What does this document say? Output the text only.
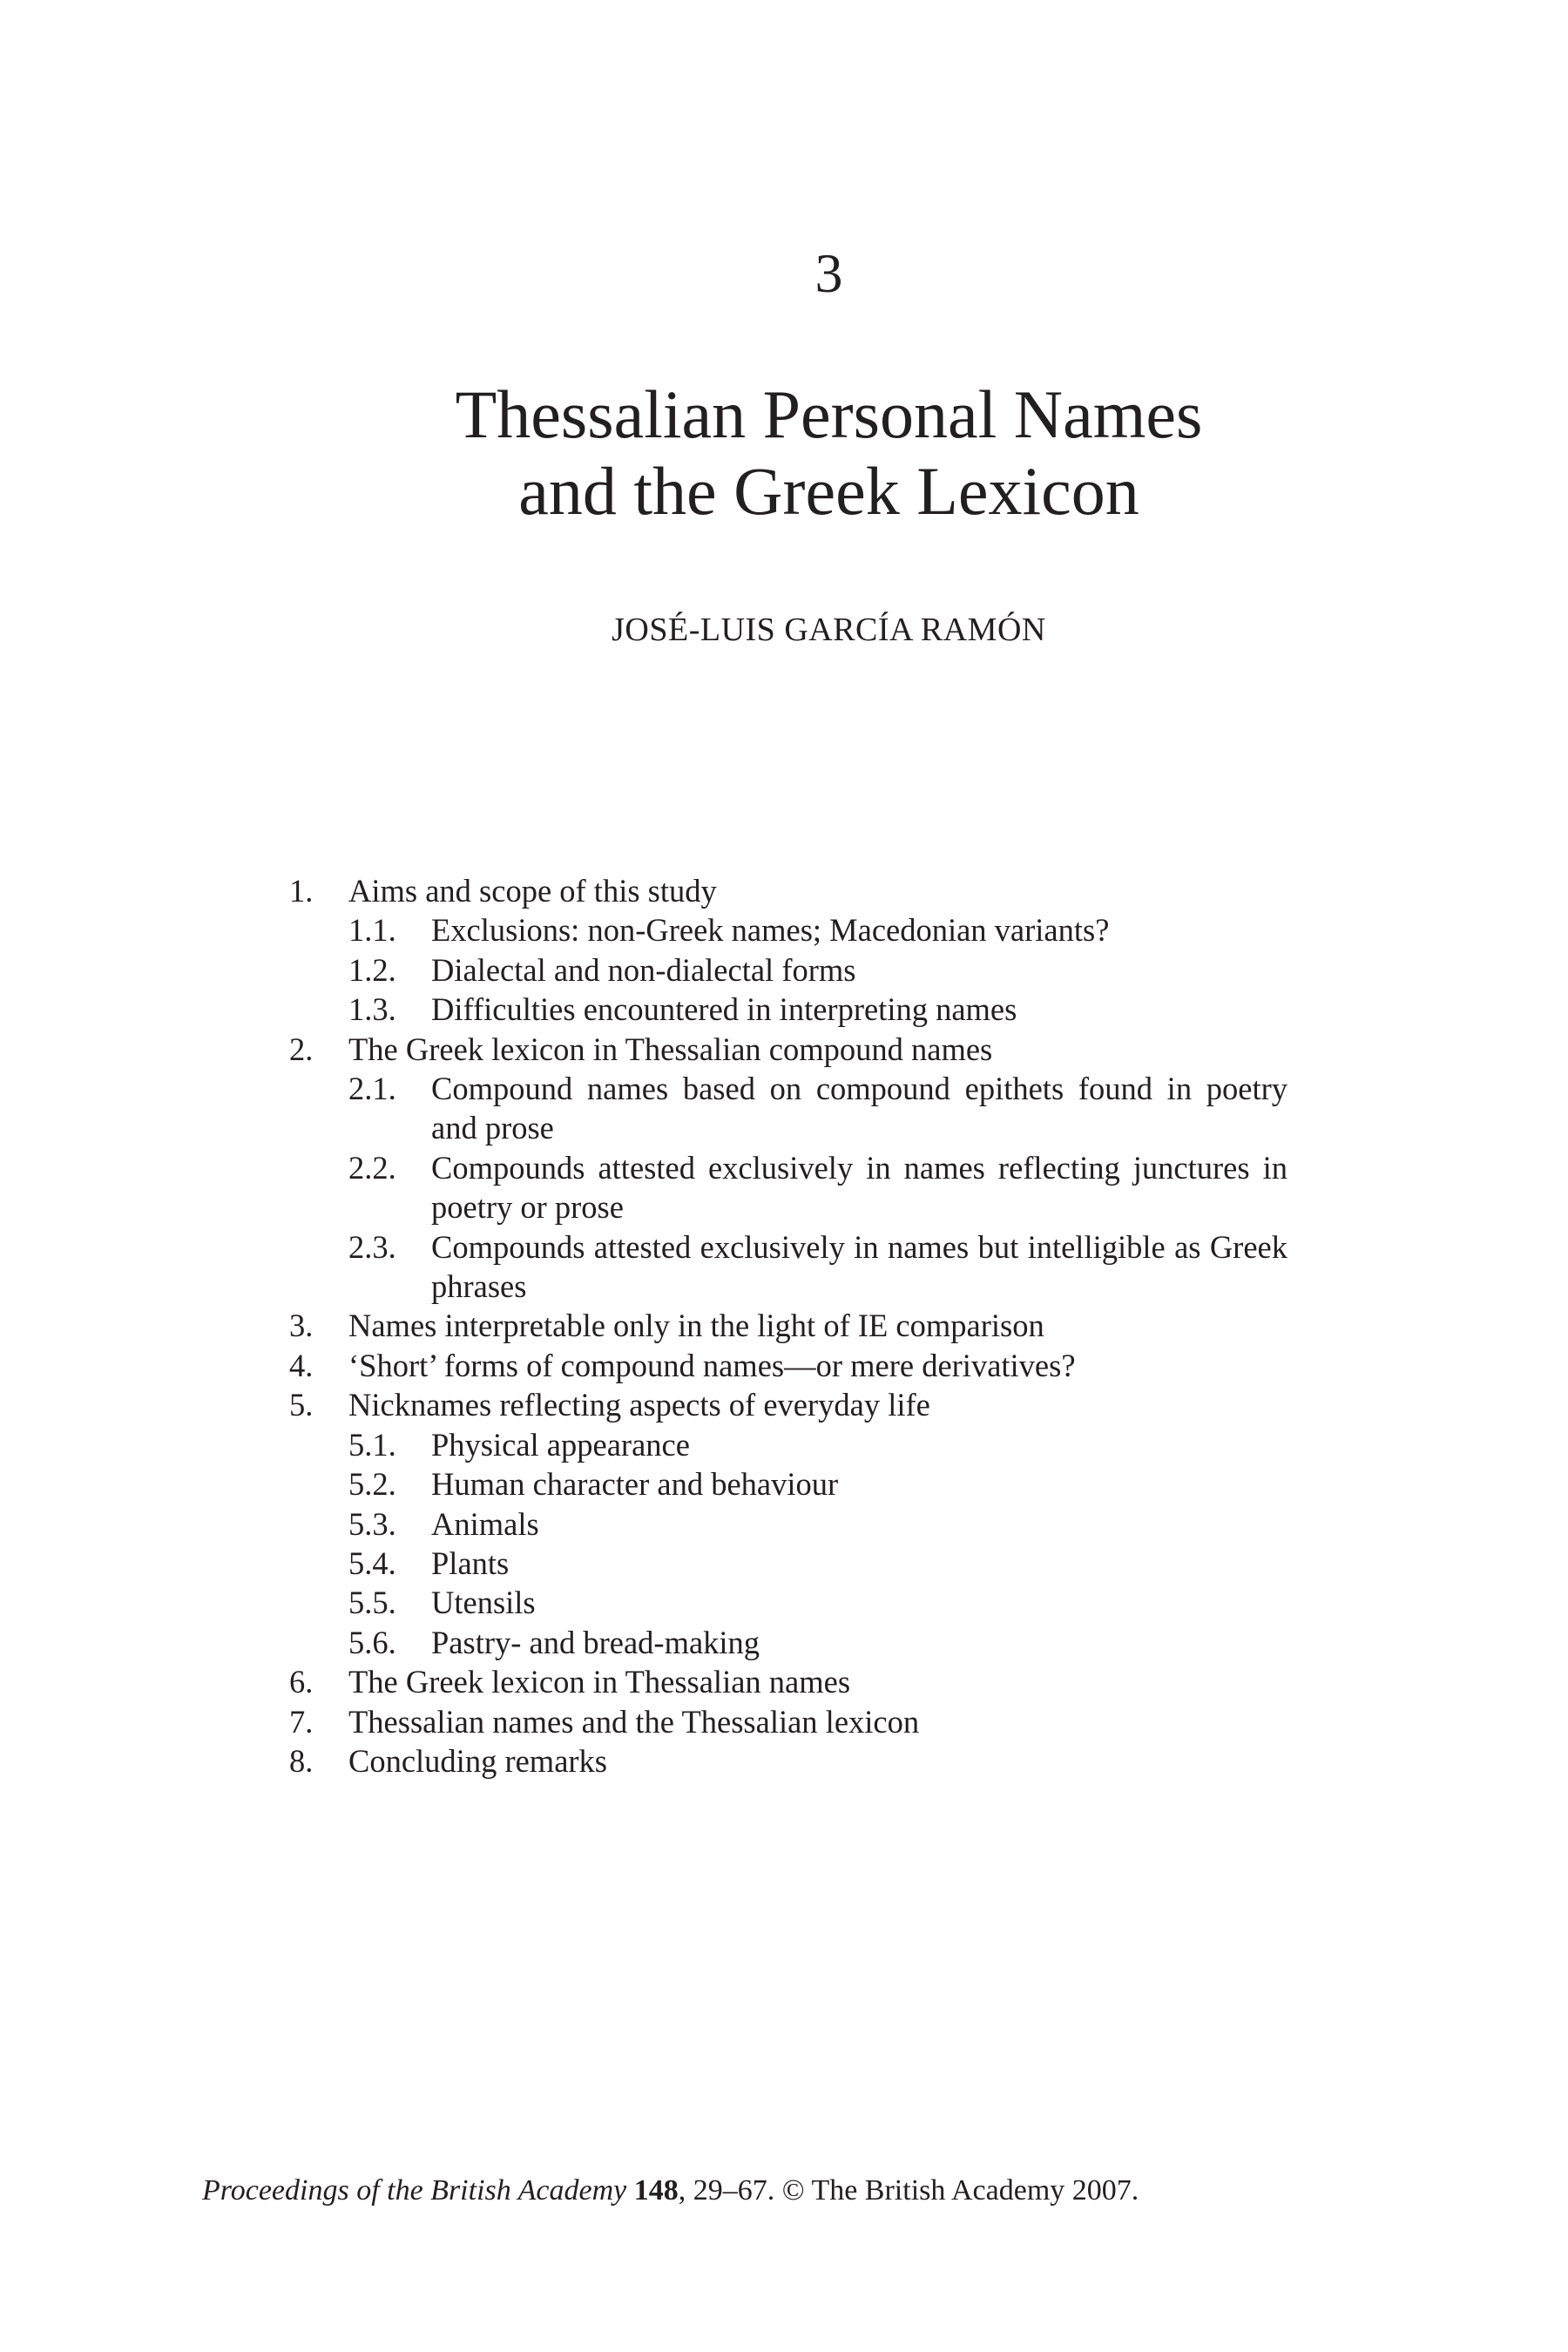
3
Thessalian Personal Names
and the Greek Lexicon
JOSÉ-LUIS GARCÍA RAMÓN
1. Aims and scope of this study
1.1. Exclusions: non-Greek names; Macedonian variants?
1.2. Dialectal and non-dialectal forms
1.3. Difficulties encountered in interpreting names
2. The Greek lexicon in Thessalian compound names
2.1. Compound names based on compound epithets found in poetry and prose
2.2. Compounds attested exclusively in names reflecting junctures in poetry or prose
2.3. Compounds attested exclusively in names but intelligible as Greek phrases
3. Names interpretable only in the light of IE comparison
4. ‘Short’ forms of compound names—or mere derivatives?
5. Nicknames reflecting aspects of everyday life
5.1. Physical appearance
5.2. Human character and behaviour
5.3. Animals
5.4. Plants
5.5. Utensils
5.6. Pastry- and bread-making
6. The Greek lexicon in Thessalian names
7. Thessalian names and the Thessalian lexicon
8. Concluding remarks
Proceedings of the British Academy 148, 29–67. © The British Academy 2007.
